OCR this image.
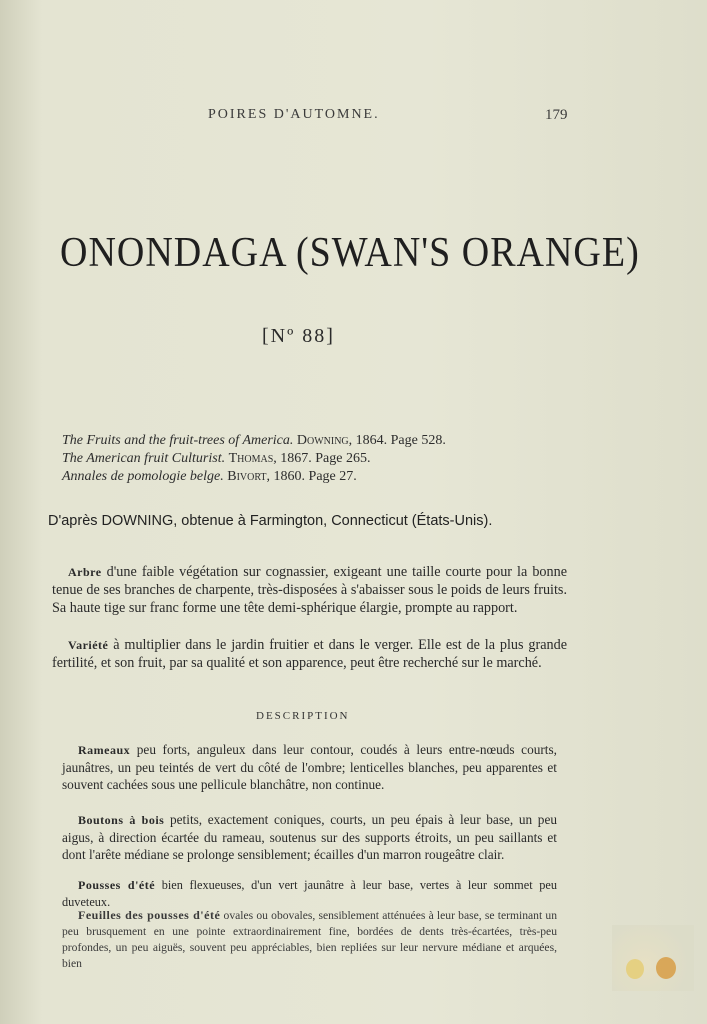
POIRES D'AUTOMNE.	179
ONONDAGA (SWAN'S ORANGE)
[Nº 88]
The Fruits and the fruit-trees of America. Downing, 1864. Page 528.
The American fruit Culturist. Thomas, 1867. Page 265.
Annales de pomologie belge. Bivort, 1860. Page 27.
D'après DOWNING, obtenue à Farmington, Connecticut (États-Unis).
Arbre d'une faible végétation sur cognassier, exigeant une taille courte pour la bonne tenue de ses branches de charpente, très-disposées à s'abaisser sous le poids de leurs fruits. Sa haute tige sur franc forme une tête demi-sphérique élargie, prompte au rapport.
Variété à multiplier dans le jardin fruitier et dans le verger. Elle est de la plus grande fertilité, et son fruit, par sa qualité et son apparence, peut être recherché sur le marché.
DESCRIPTION
Rameaux peu forts, anguleux dans leur contour, coudés à leurs entre-nœuds courts, jaunâtres, un peu teintés de vert du côté de l'ombre; lenticelles blanches, peu apparentes et souvent cachées sous une pellicule blanchâtre, non continue.
Boutons à bois petits, exactement coniques, courts, un peu épais à leur base, un peu aigus, à direction écartée du rameau, soutenus sur des supports étroits, un peu saillants et dont l'arête médiane se prolonge sensiblement; écailles d'un marron rougeâtre clair.
Pousses d'été bien flexueuses, d'un vert jaunâtre à leur base, vertes à leur sommet peu duveteux.
Feuilles des pousses d'été ovales ou obovales, sensiblement atténuées à leur base, se terminant un peu brusquement en une pointe extraordinairement fine, bordées de dents très-écartées, très-peu profondes, un peu aiguës, souvent peu appréciables, bien repliées sur leur nervure médiane et arquées, bien
